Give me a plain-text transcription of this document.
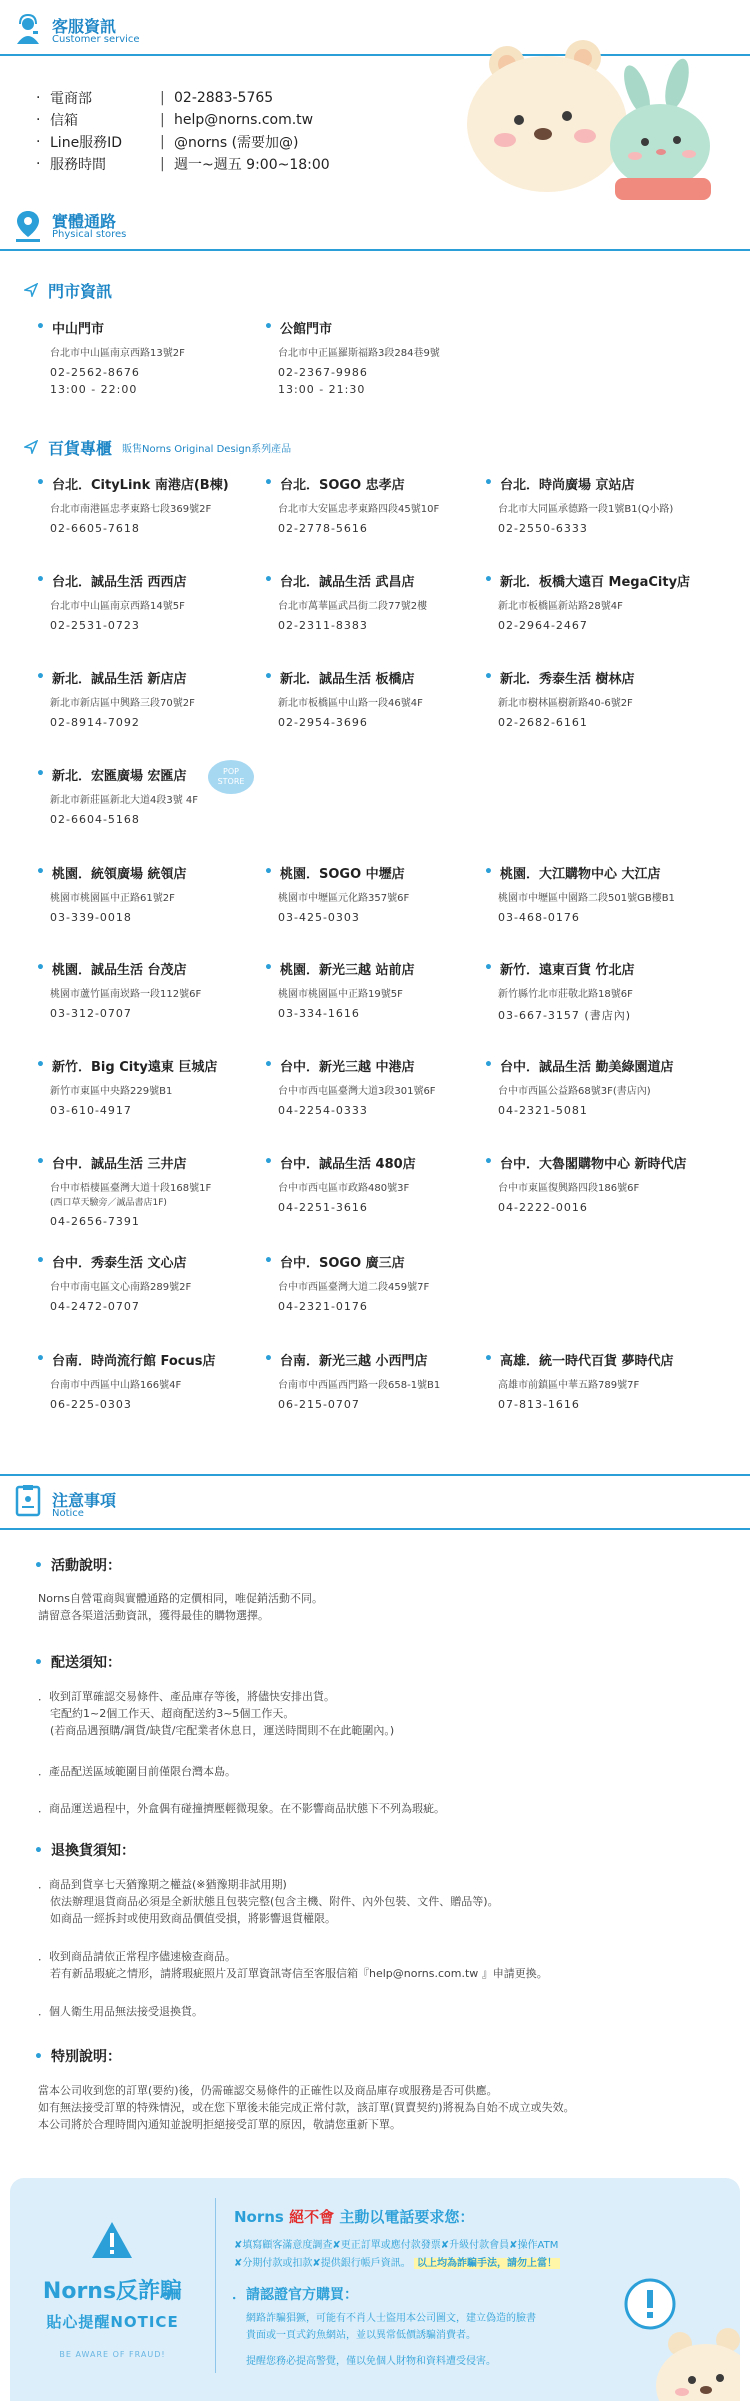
客服資訊
Customer service
· 電商部	| 02-2883-5765
· 信箱	| help@norns.com.tw
· Line服務ID	| @norns (需要加@)
· 服務時間	| 週一~週五 9:00~18:00
實體通路
Physical stores
門市資訊
• 中山門市
台北市中山區南京西路13號2F
02-2562-8676
13:00 - 22:00
• 公館門市
台北市中正區羅斯福路3段284巷9號
02-2367-9986
13:00 - 21:30
百貨專櫃 販售Norns Original Design系列產品
• 台北．CityLink 南港店(B棟)
台北市南港區忠孝東路七段369號2F
02-6605-7618
• 台北．SOGO 忠孝店
台北市大安區忠孝東路四段45號10F
02-2778-5616
• 台北．時尚廣場 京站店
台北市大同區承德路一段1號B1(Q小路)
02-2550-6333
• 台北．誠品生活 西西店
台北市中山區南京西路14號5F
02-2531-0723
• 台北．誠品生活 武昌店
台北市萬華區武昌街二段77號2樓
02-2311-8383
• 新北．板橋大遠百 MegaCity店
新北市板橋區新站路28號4F
02-2964-2467
• 新北．誠品生活 新店店
新北市新店區中興路三段70號2F
02-8914-7092
• 新北．誠品生活 板橋店
新北市板橋區中山路一段46號4F
02-2954-3696
• 新北．秀泰生活 樹林店
新北市樹林區樹新路40-6號2F
02-2682-6161
• 新北．宏匯廣場 宏匯店
新北市新莊區新北大道4段3號 4F
02-6604-5168
• 桃園．統領廣場 統領店
桃園市桃園區中正路61號2F
03-339-0018
• 桃園．SOGO 中壢店
桃園市中壢區元化路357號6F
03-425-0303
• 桃園．大江購物中心 大江店
桃園市中壢區中園路二段501號GB樓B1
03-468-0176
• 桃園．誠品生活 台茂店
桃園市蘆竹區南崁路一段112號6F
03-312-0707
• 桃園．新光三越 站前店
桃園市桃園區中正路19號5F
03-334-1616
• 新竹．遠東百貨 竹北店
新竹縣竹北市莊敬北路18號6F
03-667-3157 (書店內)
• 新竹．Big City遠東 巨城店
新竹市東區中央路229號B1
03-610-4917
• 台中．新光三越 中港店
台中市西屯區臺灣大道3段301號6F
04-2254-0333
• 台中．誠品生活 勤美綠園道店
台中市西區公益路68號3F(書店內)
04-2321-5081
• 台中．誠品生活 三井店
台中市梧棲區臺灣大道十段168號1F
(西口草天驗旁／誠品書店1F)
04-2656-7391
• 台中．誠品生活 480店
台中市西屯區市政路480號3F
04-2251-3616
• 台中．大魯閣購物中心 新時代店
台中市東區復興路四段186號6F
04-2222-0016
• 台中．秀泰生活 文心店
台中市南屯區文心南路289號2F
04-2472-0707
• 台中．SOGO 廣三店
台中市西區臺灣大道二段459號7F
04-2321-0176
• 台南．時尚流行館 Focus店
台南市中西區中山路166號4F
06-225-0303
• 台南．新光三越 小西門店
台南市中西區西門路一段658-1號B1
06-215-0707
• 高雄．統一時代百貨 夢時代店
高雄市前鎮區中華五路789號7F
07-813-1616
POP
STORE
注意事項
Notice
• 活動說明：
Norns自營電商與實體通路的定價相同，唯促銷活動不同。
請留意各渠道活動資訊，獲得最佳的購物選擇。
• 配送須知：
．收到訂單確認交易條件、產品庫存等後，將儘快安排出貨。
宅配約1~2個工作天、超商配送約3~5個工作天。
(若商品遇預購/調貨/缺貨/宅配業者休息日，運送時間則不在此範圍內。)
．產品配送區域範圍目前僅限台灣本島。
．商品運送過程中，外盒偶有碰撞擠壓輕微現象。在不影響商品狀態下不列為瑕疵。
• 退換貨須知：
．商品到貨享七天猶豫期之權益(※猶豫期非試用期)
依法辦理退貨商品必須是全新狀態且包裝完整(包含主機、附件、內外包裝、文件、贈品等)。
如商品一經拆封或使用致商品價值受損，將影響退貨權限。
．收到商品請依正常程序儘速檢查商品。
若有新品瑕疵之情形，請將瑕疵照片及訂單資訊寄信至客服信箱『help@norns.com.tw 』申請更換。
．個人衛生用品無法接受退換貨。
• 特別說明：
當本公司收到您的訂單(要約)後，仍需確認交易條件的正確性以及商品庫存或服務是否可供應。
如有無法接受訂單的特殊情況，或在您下單後未能完成正常付款，該訂單(買賣契約)將視為自始不成立或失效。
本公司將於合理時間內通知並說明拒絕接受訂單的原因，敬請您重新下單。
Norns反詐騙
貼心提醒NOTICE
BE AWARE OF FRAUD!
Norns 絕不會 主動以電話要求您：
✘填寫顧客滿意度調查✘更正訂單或應付款發票✘升級付款會員✘操作ATM
✘分期付款或扣款✘提供銀行帳戶資訊。 以上均為詐騙手法，請勿上當！
．請認證官方購買：
網路詐騙猖獗，可能有不肖人士盜用本公司圖文，建立偽造的臉書
貴面或一頁式釣魚網站，並以異常低價誘騙消費者。
提醒您務必提高警覺，僅以免個人財物和資料遭受侵害。
